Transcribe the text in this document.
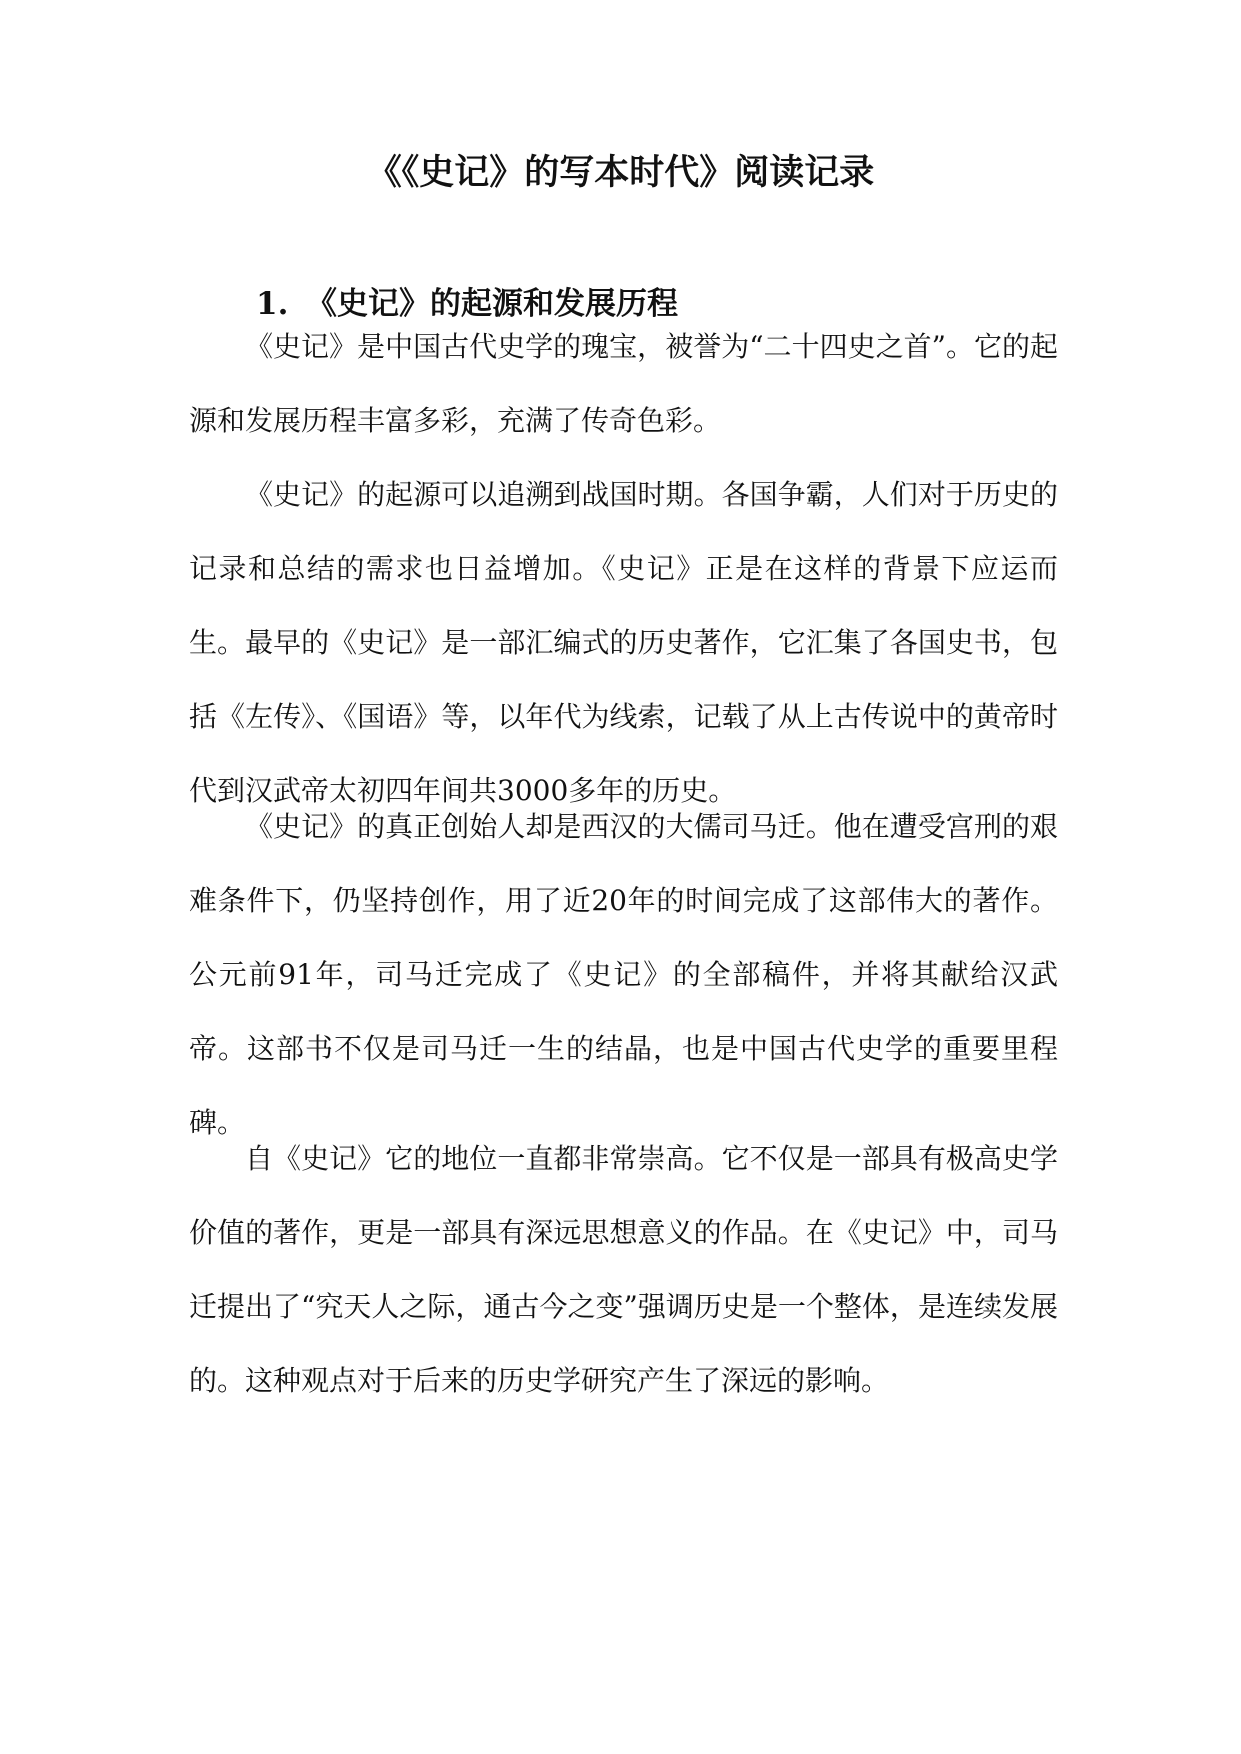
《《史记》的写本时代》阅读记录
1. 《史记》的起源和发展历程

《史记》是中国古代史学的瑰宝，被誉为“二十四史之首”。它的起源和发展历程丰富多彩，充满了传奇色彩。

《史记》的起源可以追溯到战国时期。各国争霸，人们对于历史的记录和总结的需求也日益增加。《史记》正是在这样的背景下应运而生。最早的《史记》是一部汇编式的历史著作，它汇集了各国史书，包括《左传》、《国语》等，以年代为线索，记载了从上古传说中的黄帝时代到汉武帝太初四年间共3000多年的历史。

《史记》的真正创始人却是西汉的大儒司马迁。他在遭受宫刑的艰难条件下，仍坚持创作，用了近20年的时间完成了这部伟大的著作。公元前91年，司马迁完成了《史记》的全部稿件，并将其献给汉武帝。这部书不仅是司马迁一生的结晶，也是中国古代史学的重要里程碑。

自《史记》它的地位一直都非常崇高。它不仅是一部具有极高史学价值的著作，更是一部具有深远思想意义的作品。在《史记》中，司马迁提出了“究天人之际，通古今之变”强调历史是一个整体，是连续发展的。这种观点对于后来的历史学研究产生了深远的影响。
